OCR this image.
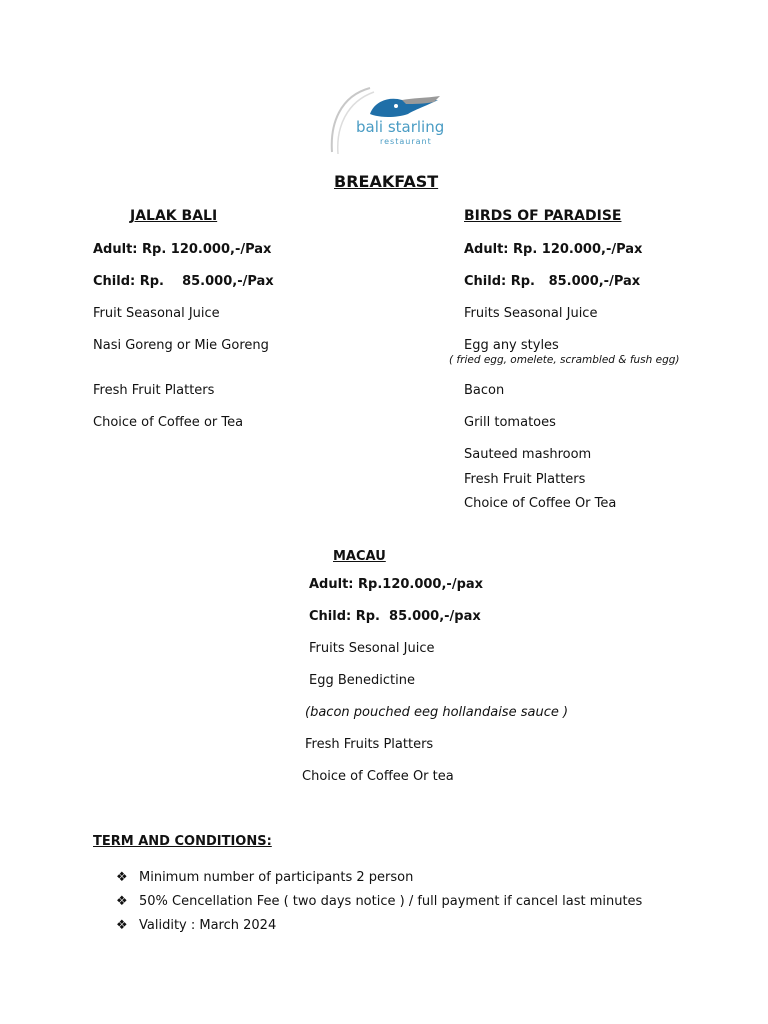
bali starling
restaurant
BREAKFAST
JALAK BALI
Adult: Rp. 120.000,-/Pax
Child: Rp.    85.000,-/Pax
Fruit Seasonal Juice
Nasi Goreng or Mie Goreng
Fresh Fruit Platters
Choice of Coffee or Tea
BIRDS OF PARADISE
Adult: Rp. 120.000,-/Pax
Child: Rp.   85.000,-/Pax
Fruits Seasonal Juice
Egg any styles
( fried egg, omelete, scrambled & fush egg)
Bacon
Grill tomatoes
Sauteed mashroom
Fresh Fruit Platters
Choice of Coffee Or Tea
MACAU
Adult: Rp.120.000,-/pax
Child: Rp.  85.000,-/pax
Fruits Sesonal Juice
Egg Benedictine
(bacon pouched eeg hollandaise sauce )
Fresh Fruits Platters
Choice of Coffee Or tea
TERM AND CONDITIONS:
❖ Minimum number of participants 2 person
❖ 50% Cencellation Fee ( two days notice ) / full payment if cancel last minutes
❖ Validity : March 2024
